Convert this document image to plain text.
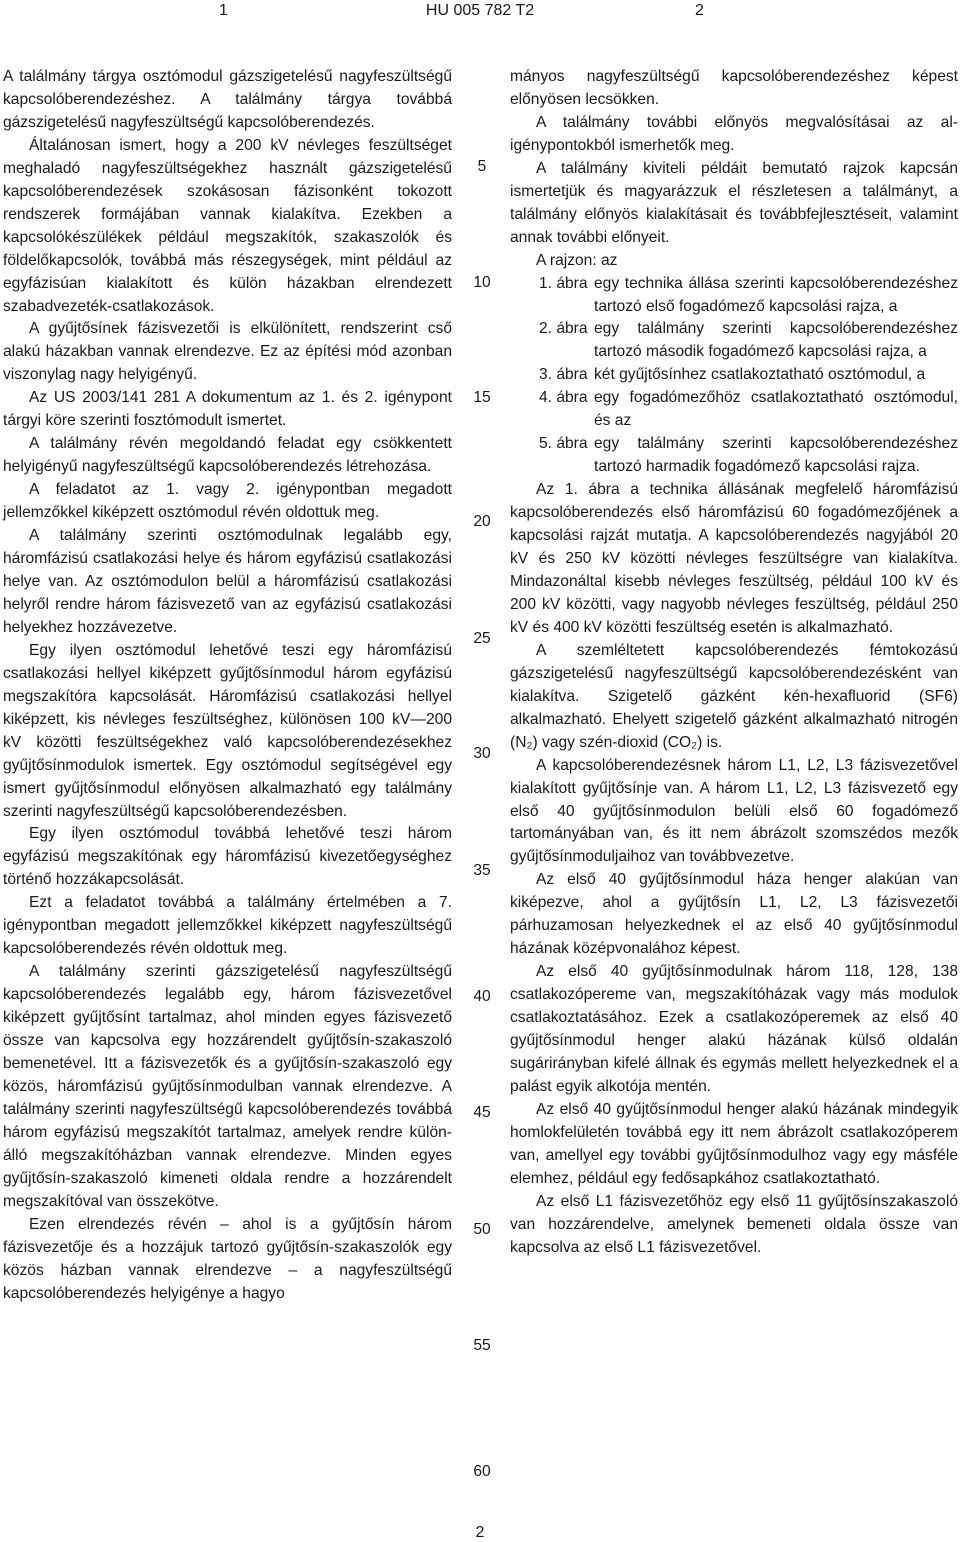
1	HU 005 782 T2	2

A találmány tárgya osztómodul gázszigetelésű nagyfeszültségű kapcsolóberendezéshez. A találmány tárgya továbbá gázszigetelésű nagyfeszültségű kapcsolóberendezés.

Általánosan ismert, hogy a 200 kV névleges feszültséget meghaladó nagyfeszültségekhez használt gázszigetelésű kapcsolóberendezések szokásosan fázisonként tokozott rendszerek formájában vannak kialakítva. Ezekben a kapcsolókészülékek például megszakítók, szakaszolók és földelőkapcsolók, továbbá más részegységek, mint például az egyfázisúan kialakított és külön házakban elrendezett szabadvezeték-csatlakozások.

A gyűjtősínek fázisvezetői is elkülönített, rendszerint cső alakú házakban vannak elrendezve. Ez az építési mód azonban viszonylag nagy helyigényű.

Az US 2003/141 281 A dokumentum az 1. és 2. igénypont tárgyi köre szerinti fosztómodult ismertet.

A találmány révén megoldandó feladat egy csökkentett helyigényű nagyfeszültségű kapcsolóberendezés létrehozása.

A feladatot az 1. vagy 2. igénypontban megadott jellemzőkkel kiképzett osztómodul révén oldottuk meg.

A találmány szerinti osztómodulnak legalább egy, háromfázisú csatlakozási helye és három egyfázisú csatlakozási helye van. Az osztómodulon belül a háromfázisú csatlakozási helyről rendre három fázisvezető van az egyfázisú csatlakozási helyekhez hozzávezetve.

Egy ilyen osztómodul lehetővé teszi egy háromfázisú csatlakozási hellyel kiképzett gyűjtősínmodul három egyfázisú megszakítóra kapcsolását. Háromfázisú csatlakozási hellyel kiképzett, kis névleges feszültséghez, különösen 100 kV—200 kV közötti feszültségekhez való kapcsolóberendezésekhez gyűjtősínmodulok ismertek. Egy osztómodul segítségével egy ismert gyűjtősínmodul előnyösen alkalmazható egy találmány szerinti nagyfeszültségű kapcsolóberendezésben.

Egy ilyen osztómodul továbbá lehetővé teszi három egyfázisú megszakítónak egy háromfázisú kivezetőegységhez történő hozzákapcsolását.

Ezt a feladatot továbbá a találmány értelmében a 7. igénypontban megadott jellemzőkkel kiképzett nagyfeszültségű kapcsolóberendezés révén oldottuk meg.

A találmány szerinti gázszigetelésű nagyfeszültségű kapcsolóberendezés legalább egy, három fázisvezetővel kiképzett gyűjtősínt tartalmaz, ahol minden egyes fázisvezető össze van kapcsolva egy hozzárendelt gyűjtősín-szakaszoló bemenetével. Itt a fázisvezetők és a gyűjtősín-szakaszoló egy közös, háromfázisú gyűjtősínmodulban vannak elrendezve. A találmány szerinti nagyfeszültségű kapcsolóberendezés továbbá három egyfázisú megszakítót tartalmaz, amelyek rendre különálló megszakítóházban vannak elrendezve. Minden egyes gyűjtősín-szakaszoló kimeneti oldala rendre a hozzárendelt megszakítóval van összekötve.

Ezen elrendezés révén – ahol is a gyűjtősín három fázisvezetője és a hozzájuk tartozó gyűjtősín-szakaszolók egy közös házban vannak elrendezve – a nagyfeszültségű kapcsolóberendezés helyigénye a hagyo

mányos nagyfeszültségű kapcsolóberendezéshez képest előnyösen lecsökken.

A találmány további előnyös megvalósításai az aligénypontokból ismerhetők meg.

A találmány kiviteli példáit bemutató rajzok kapcsán ismertetjük és magyarázzuk el részletesen a találmányt, a találmány előnyös kialakításait és továbbfejlesztéseit, valamint annak további előnyeit.

A rajzon: az

1. ábra egy technika állása szerinti kapcsolóberendezéshez tartozó első fogadómező kapcsolási rajza, a

2. ábra egy találmány szerinti kapcsolóberendezéshez tartozó második fogadómező kapcsolási rajza, a

3. ábra két gyűjtősínhez csatlakoztatható osztómodul, a

4. ábra egy fogadómezőhöz csatlakoztatható osztómodul, és az

5. ábra egy találmány szerinti kapcsolóberendezéshez tartozó harmadik fogadómező kapcsolási rajza.

Az 1. ábra a technika állásának megfelelő háromfázisú kapcsolóberendezés első háromfázisú 60 fogadómezőjének a kapcsolási rajzát mutatja. A kapcsolóberendezés nagyjából 20 kV és 250 kV közötti névleges feszültségre van kialakítva. Mindazonáltal kisebb névleges feszültség, például 100 kV és 200 kV közötti, vagy nagyobb névleges feszültség, például 250 kV és 400 kV közötti feszültség esetén is alkalmazható.

A szemléltetett kapcsolóberendezés fémtokozású gázszigetelésű nagyfeszültségű kapcsolóberendezésként van kialakítva. Szigetelő gázként kén-hexafluorid (SF6) alkalmazható. Ehelyett szigetelő gázként alkalmazható nitrogén (N₂) vagy szén-dioxid (CO₂) is.

A kapcsolóberendezésnek három L1, L2, L3 fázisvezetővel kialakított gyűjtősínje van. A három L1, L2, L3 fázisvezető egy első 40 gyűjtősínmodulon belüli első 60 fogadómező tartományában van, és itt nem ábrázolt szomszédos mezők gyűjtősínmoduljaihoz van továbbvezetve.

Az első 40 gyűjtősínmodul háza henger alakúan van kiképezve, ahol a gyűjtősín L1, L2, L3 fázisvezetői párhuzamosan helyezkednek el az első 40 gyűjtősínmodul házának középvonalához képest.

Az első 40 gyűjtősínmodulnak három 118, 128, 138 csatlakozópereme van, megszakítóházak vagy más modulok csatlakoztatásához. Ezek a csatlakozóperemek az első 40 gyűjtősínmodul henger alakú házának külső oldalán sugárirányban kifelé állnak és egymás mellett helyezkednek el a palást egyik alkotója mentén.

Az első 40 gyűjtősínmodul henger alakú házának mindegyik homlokfelületén továbbá egy itt nem ábrázolt csatlakozóperem van, amellyel egy további gyűjtősínmodulhoz vagy egy másféle elemhez, például egy fedősapkához csatlakoztatható.

Az első L1 fázisvezetőhöz egy első 11 gyűjtősínszakaszoló van hozzárendelve, amelynek bemeneti oldala össze van kapcsolva az első L1 fázisvezetővel.

5
10
15
20
25
30
35
40
45
50
55
60
2
